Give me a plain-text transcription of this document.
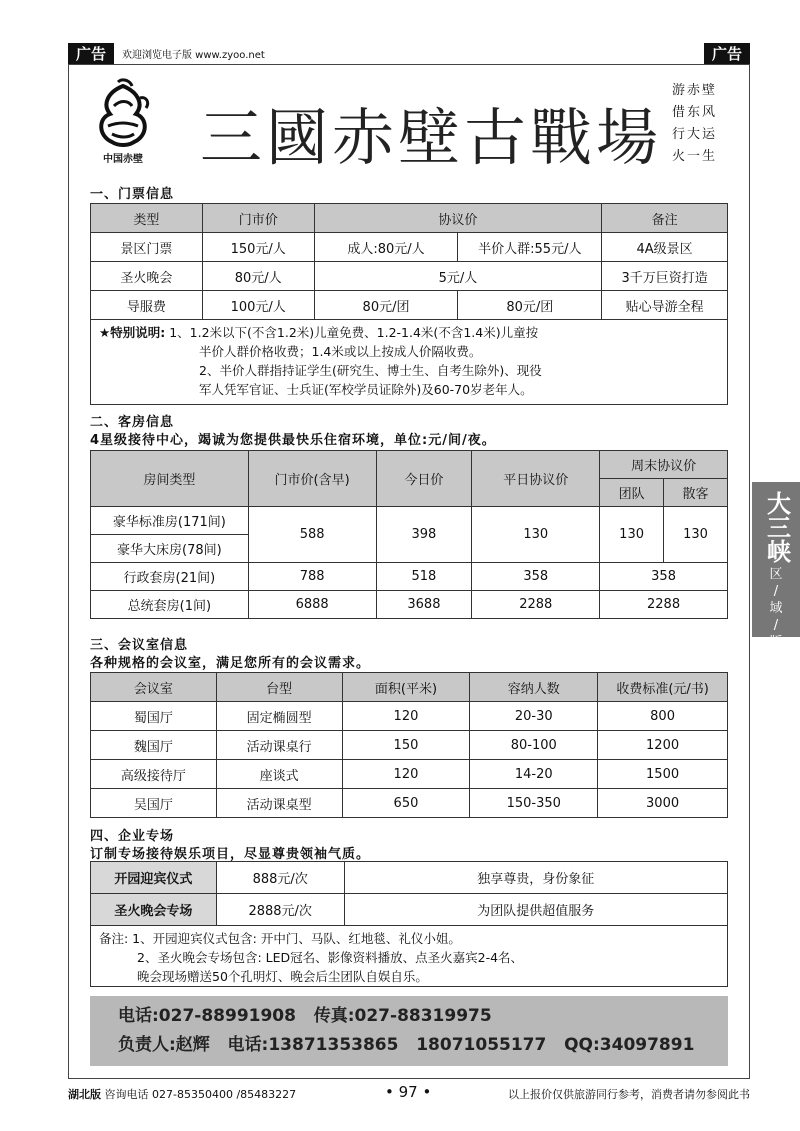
广告	欢迎浏览电子版 www.zyoo.net	广告
中国赤壁 三國赤壁古戰場
游赤壁
借东风
行大运
火一生
一、门票信息
类型	门市价	协议价		备注
景区门票	150元/人	成人:80元/人	半价人群:55元/人	4A级景区
圣火晚会	80元/人	5元/人		3千万巨资打造
导服费	100元/人	80元/团	80元/团	贴心导游全程
★特别说明: 1、1.2米以下(不含1.2米)儿童免费、1.2-1.4米(不含1.4米)儿童按
半价人群价格收费；1.4米或以上按成人价隔收费。
2、半价人群指持证学生(研究生、博士生、自考生除外)、现役
军人凭军官证、士兵证(军校学员证除外)及60-70岁老年人。
二、客房信息
4星级接待中心，竭诚为您提供最快乐住宿环境，单位:元/间/夜。
房间类型	门市价(含早)	今日价	平日协议价	周末协议价	
				团队	散客
豪华标准房(171间)	588	398	130	130	130
豪华大床房(78间)					
行政套房(21间)	788	518	358	358	
总统套房(1间)	6888	3688	2288	2288	
三、会议室信息
各种规格的会议室，满足您所有的会议需求。
会议室	台型	面积(平米)	容纳人数	收费标准(元/书)
蜀国厅	固定椭圆型	120	20-30	800
魏国厅	活动课桌行	150	80-100	1200
高级接待厅	座谈式	120	14-20	1500
吴国厅	活动课桌型	650	150-350	3000
四、企业专场
订制专场接待娱乐项目，尽显尊贵领袖气质。
开园迎宾仪式	888元/次	独享尊贵，身份象征
圣火晚会专场	2888元/次	为团队提供超值服务
备注: 1、开园迎宾仪式包含: 开中门、马队、红地毯、礼仪小姐。
2、圣火晚会专场包含: LED冠名、影像资料播放、点圣火嘉宾2-4名、
晚会现场赠送50个孔明灯、晚会后尘团队自娱自乐。
电话:027-88991908   传真:027-88319975
负责人:赵辉   电话:13871353865   18071055177   QQ:34097891
大三峡
区
/
域
/
版
湖北版 咨询电话 027-85350400 /85483227	• 97 •	以上报价仅供旅游同行参考，消费者请勿参阅此书
